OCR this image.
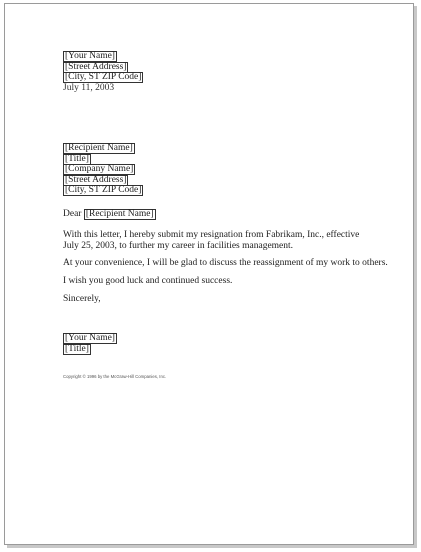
[Your Name]
[Street Address]
[City, ST ZIP Code]
July 11, 2003
[Recipient Name]
[Title]
[Company Name]
[Street Address]
[City, ST ZIP Code]
Dear [Recipient Name]

With this letter, I hereby submit my resignation from Fabrikam, Inc., effective July 25, 2003, to further my career in facilities management.

At your convenience, I will be glad to discuss the reassignment of my work to others.

I wish you good luck and continued success.

Sincerely,

[Your Name]
[Title]
Copyright © 1996 by the McGraw-Hill Companies, Inc.
